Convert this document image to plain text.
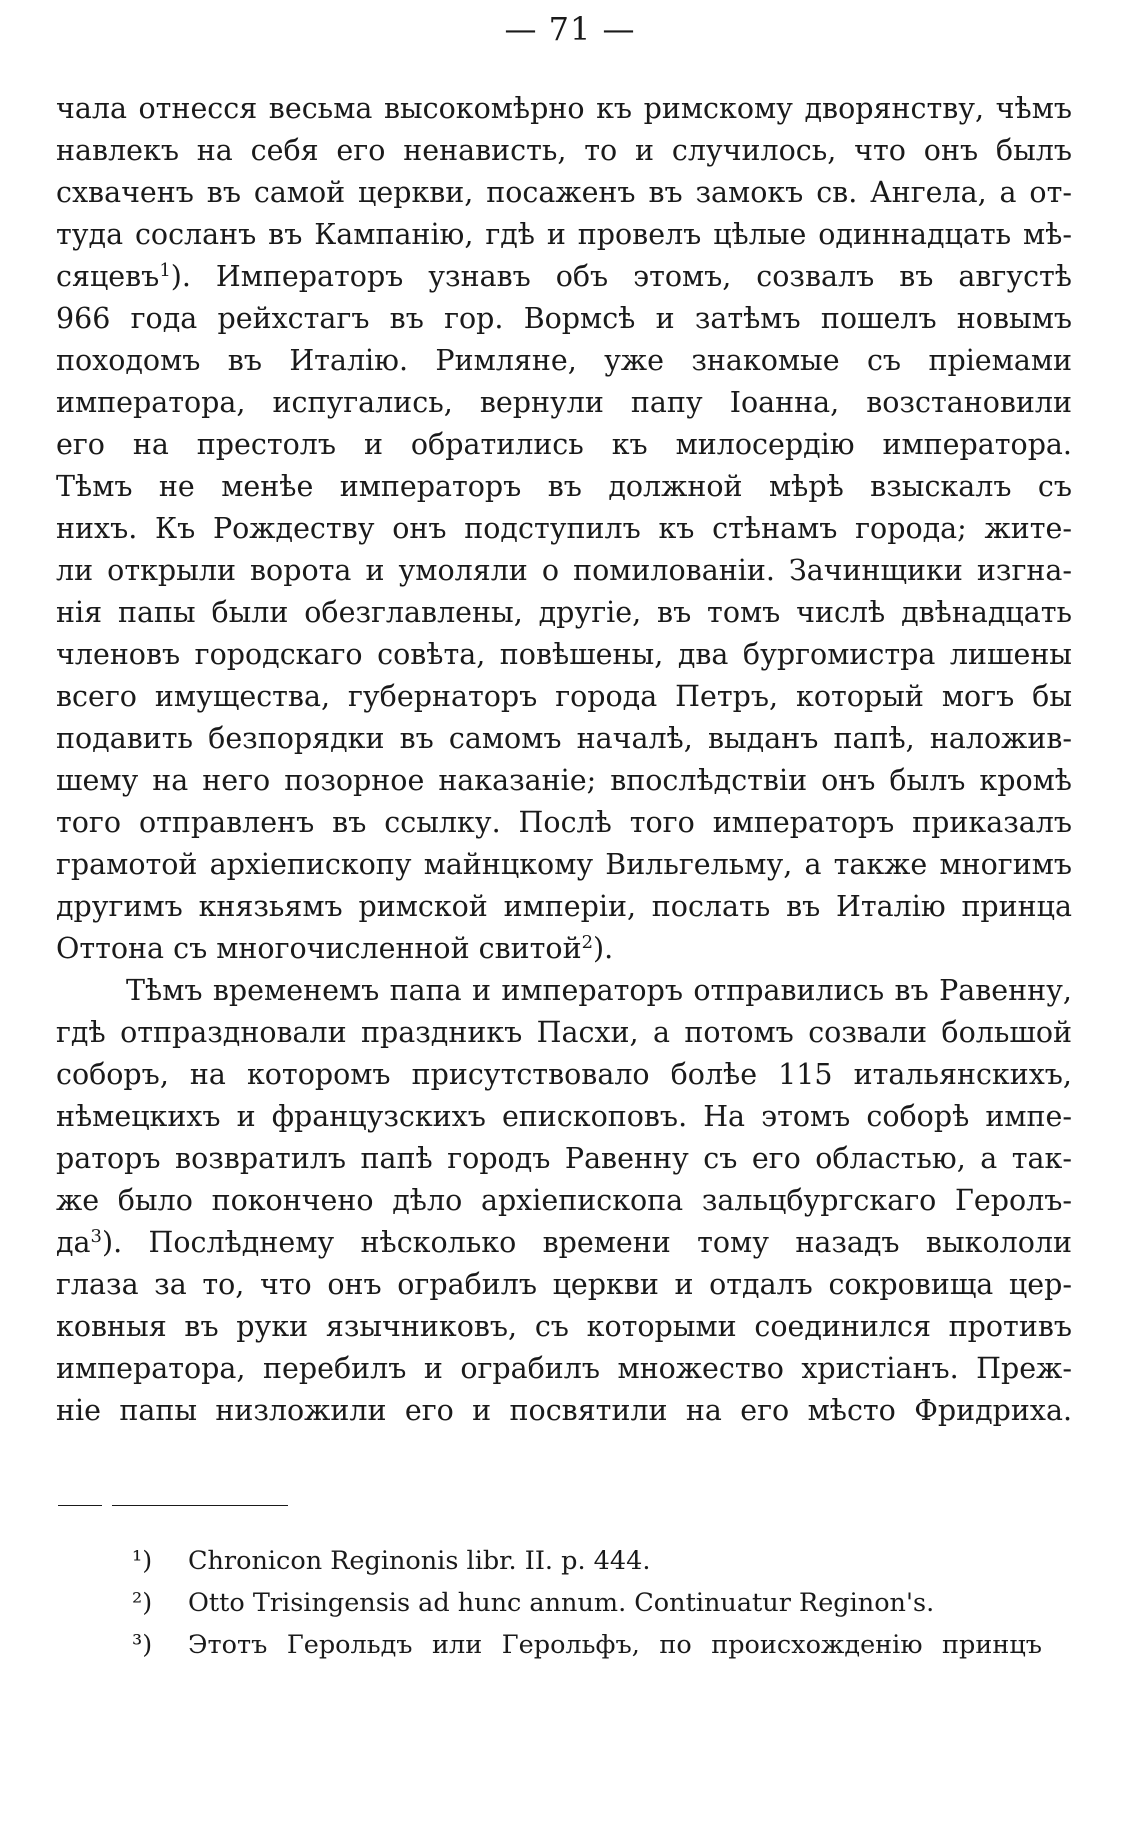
— 71 —
чала отнесся весьма высокомѣрно къ римскому дворянству, чѣмъ
навлекъ на себя его ненависть, то и случилось, что онъ былъ
схваченъ въ самой церкви, посаженъ въ замокъ св. Ангела, а от-
туда сосланъ въ Кампанію, гдѣ и провелъ цѣлые одиннадцать мѣ-
сяцевъ$^1$). Императоръ узнавъ объ этомъ, созвалъ въ августѣ
966 года рейхстагъ въ гор. Вормсѣ и затѣмъ пошелъ новымъ
походомъ въ Италію. Римляне, уже знакомые съ пріемами
императора, испугались, вернули папу Іоанна, возстановили
его на престолъ и обратились къ милосердію императора.
Тѣмъ не менѣе императоръ въ должной мѣрѣ взыскалъ съ
нихъ. Къ Рождеству онъ подступилъ къ стѣнамъ города; жите-
ли открыли ворота и умоляли о помилованіи. Зачинщики изгна-
нія папы были обезглавлены, другіе, въ томъ числѣ двѣнадцать
членовъ городскаго совѣта, повѣшены, два бургомистра лишены
всего имущества, губернаторъ города Петръ, который могъ бы
подавить безпорядки въ самомъ началѣ, выданъ папѣ, наложив-
шему на него позорное наказаніе; впослѣдствіи онъ былъ кромѣ
того отправленъ въ ссылку. Послѣ того императоръ приказалъ
грамотой архіепископу майнцкому Вильгельму, а также многимъ
другимъ князьямъ римской имперіи, послать въ Италію принца
Оттона съ многочисленной свитой$^2$).
Тѣмъ временемъ папа и императоръ отправились въ Равенну,
гдѣ отпраздновали праздникъ Пасхи, а потомъ созвали большой
соборъ, на которомъ присутствовало болѣе 115 итальянскихъ,
нѣмецкихъ и французскихъ епископовъ. На этомъ соборѣ импе-
раторъ возвратилъ папѣ городъ Равенну съ его областью, а так-
же было покончено дѣло архіепископа зальцбургскаго Геролъ-
$да^3$). Послѣднему нѣсколько времени тому назадъ выкололи
глаза за то, что онъ ограбилъ церкви и отдалъ сокровища цер-
ковныя въ руки язычниковъ, съ которыми соединился противъ
императора, перебилъ и ограбилъ множество христіанъ. Преж-
ніе папы низложили его и посвятили на его мѣсто Фридриха.
¹)	Chronicon Reginonis libr. II. p. 444.
²)	Otto Trisingensis ad hunc annum. Continuatur Reginon's.
³)	Этотъ Герольдъ или Герольфъ, по происхожденію принцъ
